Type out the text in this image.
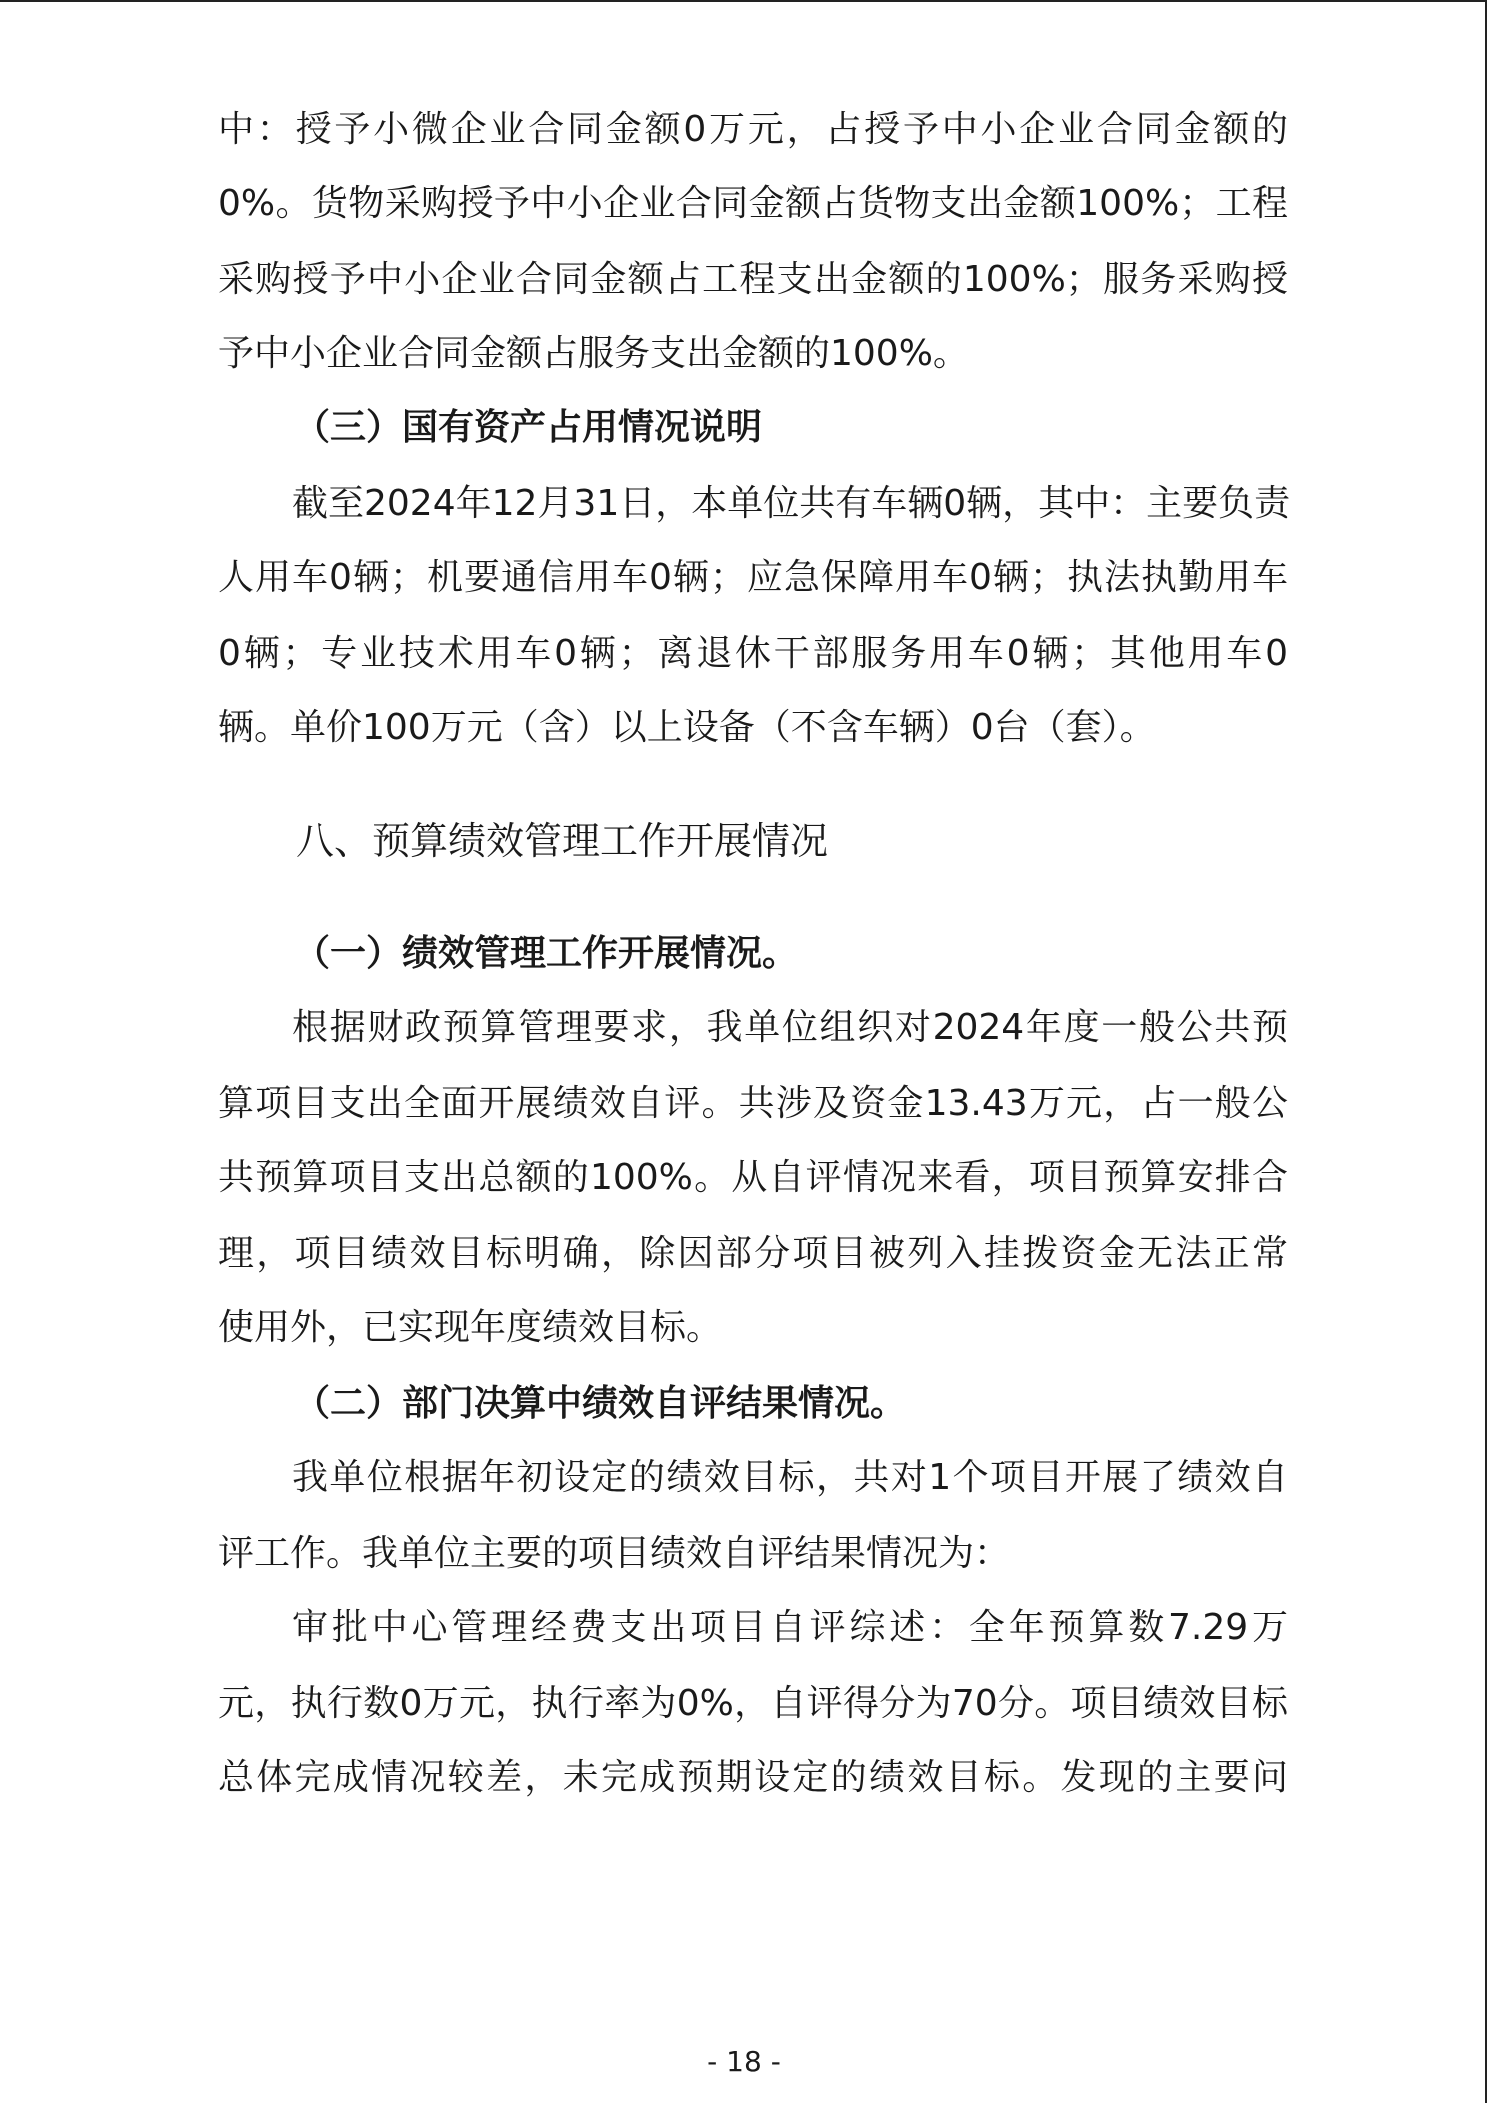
中：授予小微企业合同金额0万元，占授予中小企业合同金额的
0%。货物采购授予中小企业合同金额占货物支出金额100%；工程
采购授予中小企业合同金额占工程支出金额的100%；服务采购授
予中小企业合同金额占服务支出金额的100%。
（三）国有资产占用情况说明
截至2024年12月31日，本单位共有车辆0辆，其中：主要负责
人用车0辆；机要通信用车0辆；应急保障用车0辆；执法执勤用车
0辆；专业技术用车0辆；离退休干部服务用车0辆；其他用车0
辆。单价100万元（含）以上设备（不含车辆）0台（套）。
八、预算绩效管理工作开展情况
（一）绩效管理工作开展情况。
根据财政预算管理要求，我单位组织对2024年度一般公共预
算项目支出全面开展绩效自评。共涉及资金13.43万元，占一般公
共预算项目支出总额的100%。从自评情况来看，项目预算安排合
理，项目绩效目标明确，除因部分项目被列入挂拨资金无法正常
使用外，已实现年度绩效目标。
（二）部门决算中绩效自评结果情况。
我单位根据年初设定的绩效目标，共对1个项目开展了绩效自
评工作。我单位主要的项目绩效自评结果情况为：
审批中心管理经费支出项目自评综述：全年预算数7.29万
元，执行数0万元，执行率为0%，自评得分为70分。项目绩效目标
总体完成情况较差，未完成预期设定的绩效目标。发现的主要问
- 18 -
